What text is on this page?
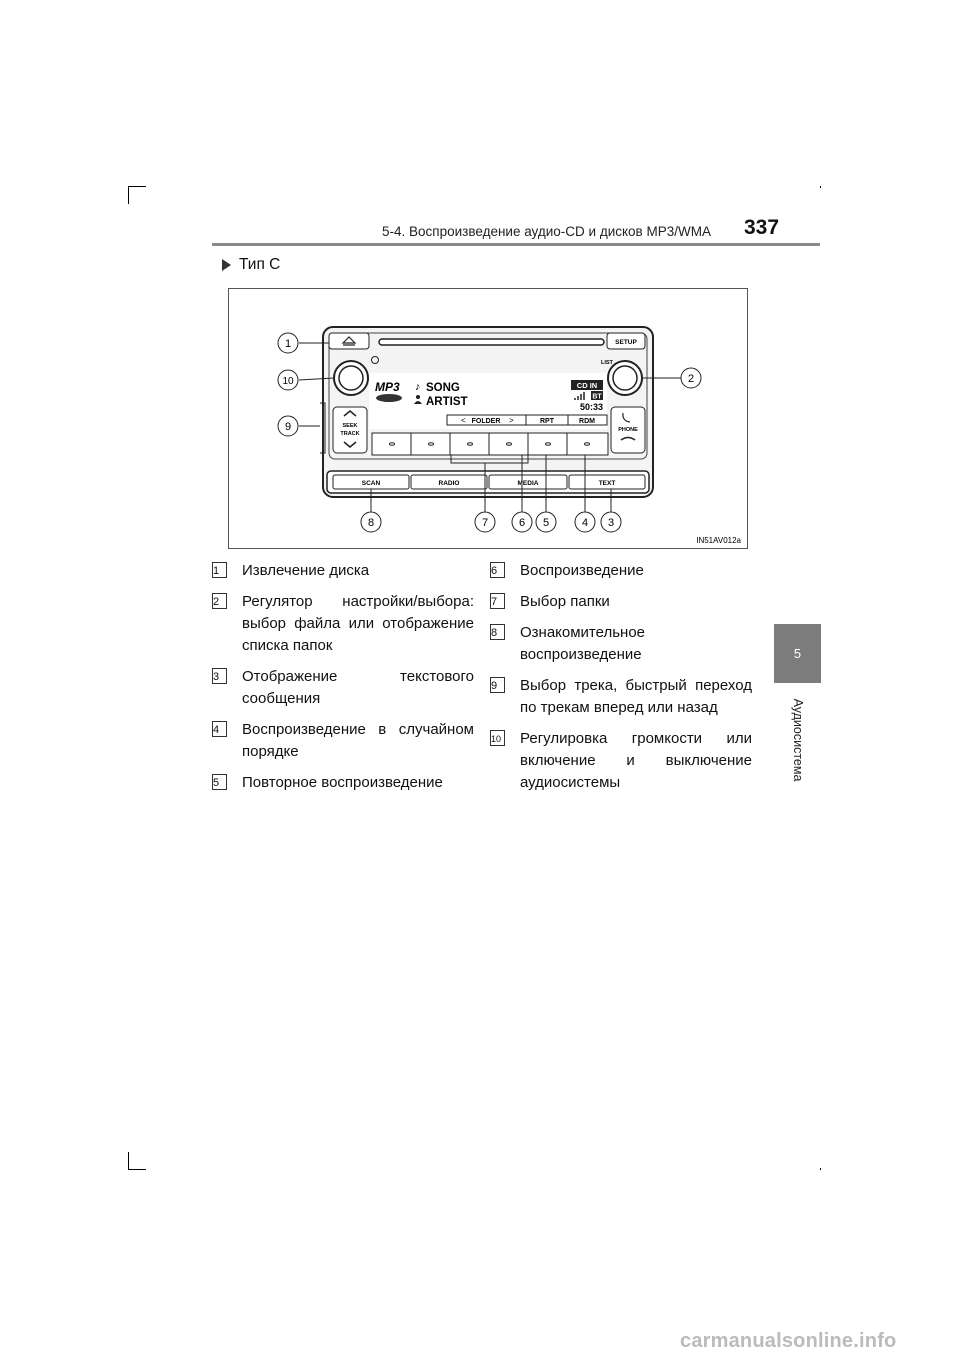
5-4. Воспроизведение аудио-CD и дисков MP3/WMA 337
Тип C
5
Аудиосистема
SETUP
LIST
MP3 ♪ SONG
ARTIST
CD IN
BT
50:33
< FOLDER >	RPT	RDM
SEEK
TRACK
PHONE
SCAN	RADIO	MEDIA	TEXT
1
2
3
4
5
6
7
8
9
10
IN51AV012a
1	Извлечение диска
2	Регулятор настройки/выбора: выбор файла или отображение списка папок
3	Отображение текстового сообщения
4	Воспроизведение в случайном порядке
5	Повторное воспроизведение
6	Воспроизведение
7	Выбор папки
8	Ознакомительное воспроизведение
9	Выбор трека, быстрый переход по трекам вперед или назад
10 Регулировка громкости или включение и выключение аудиосистемы
carmanualsonline.info
